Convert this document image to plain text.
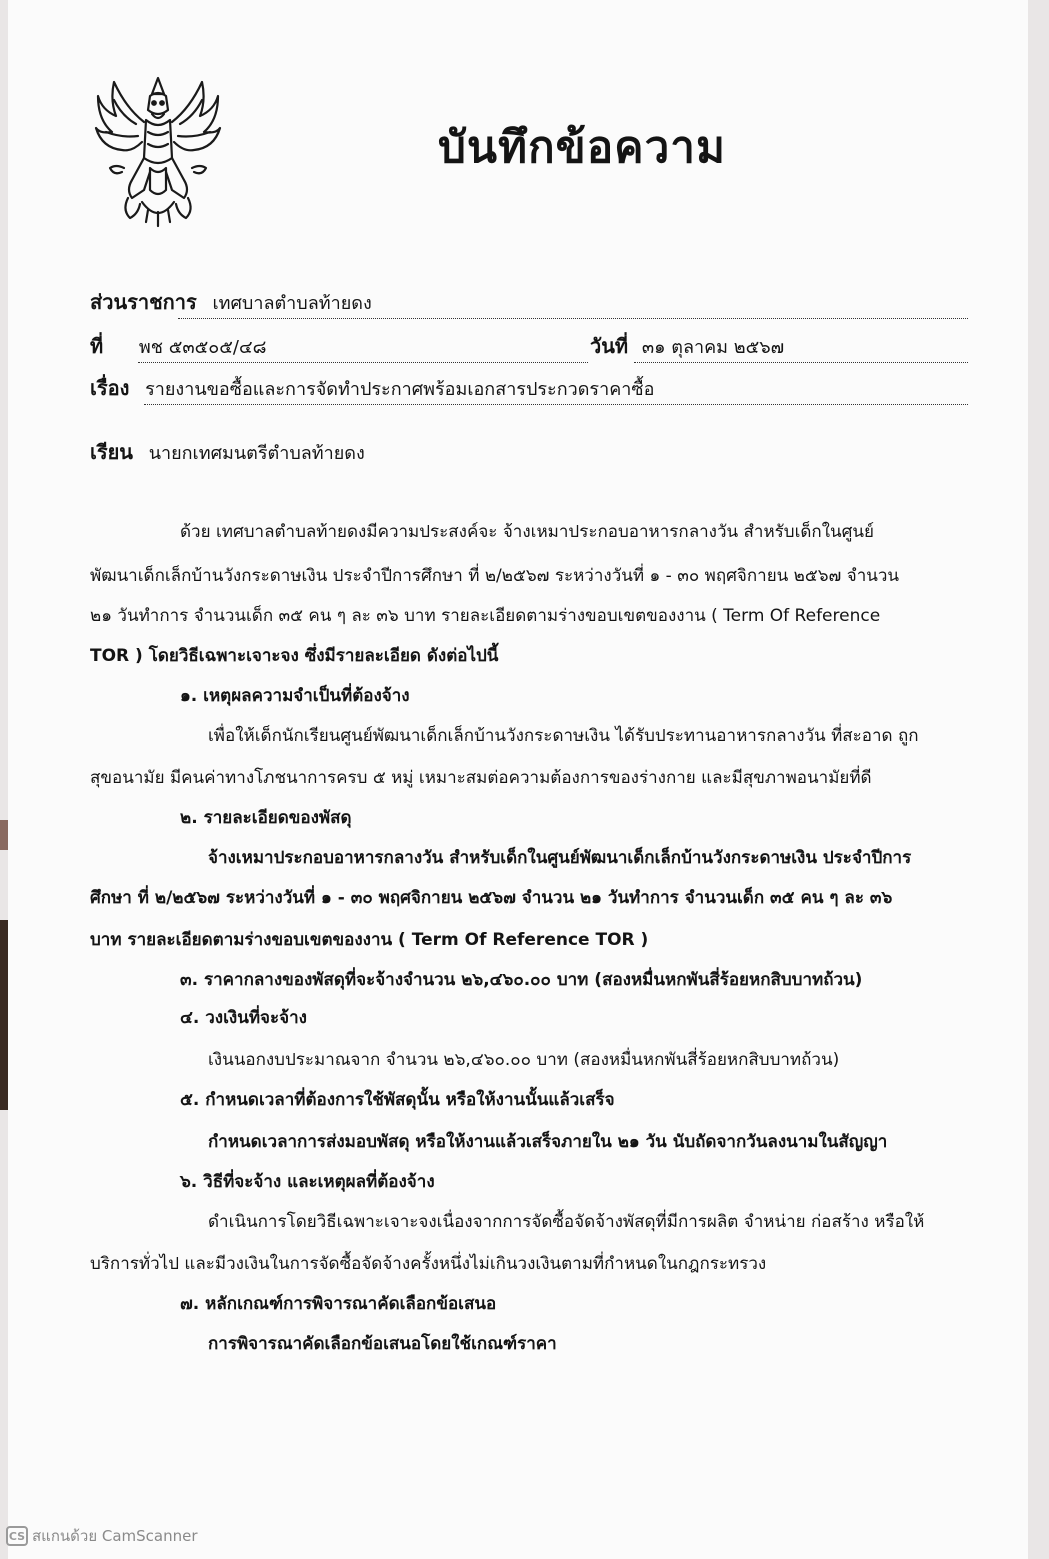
บันทึกข้อความ
ส่วนราชการ เทศบาลตำบลท้ายดง
ที่ พช ๕๓๕๐๕/๔๘	วันที่ ๓๑ ตุลาคม ๒๕๖๗
เรื่อง รายงานขอซื้อและการจัดทำประกาศพร้อมเอกสารประกวดราคาซื้อ
เรียน นายกเทศมนตรีตำบลท้ายดง
ด้วย เทศบาลตำบลท้ายดงมีความประสงค์จะ จ้างเหมาประกอบอาหารกลางวัน สำหรับเด็กในศูนย์
พัฒนาเด็กเล็กบ้านวังกระดาษเงิน ประจำปีการศึกษา ที่ ๒/๒๕๖๗ ระหว่างวันที่ ๑ - ๓๐ พฤศจิกายน ๒๕๖๗ จำนวน
๒๑ วันทำการ จำนวนเด็ก ๓๕ คน ๆ ละ ๓๖ บาท รายละเอียดตามร่างขอบเขตของงาน ( Term Of Reference
TOR ) โดยวิธีเฉพาะเจาะจง ซึ่งมีรายละเอียด ดังต่อไปนี้
๑. เหตุผลความจำเป็นที่ต้องจ้าง
เพื่อให้เด็กนักเรียนศูนย์พัฒนาเด็กเล็กบ้านวังกระดาษเงิน ได้รับประทานอาหารกลางวัน ที่สะอาด ถูก
สุขอนามัย มีคนค่าทางโภชนาการครบ ๕ หมู่ เหมาะสมต่อความต้องการของร่างกาย และมีสุขภาพอนามัยที่ดี
๒. รายละเอียดของพัสดุ
จ้างเหมาประกอบอาหารกลางวัน สำหรับเด็กในศูนย์พัฒนาเด็กเล็กบ้านวังกระดาษเงิน ประจำปีการ
ศึกษา ที่ ๒/๒๕๖๗ ระหว่างวันที่ ๑ - ๓๐ พฤศจิกายน ๒๕๖๗ จำนวน ๒๑ วันทำการ จำนวนเด็ก ๓๕ คน ๆ ละ ๓๖
บาท รายละเอียดตามร่างขอบเขตของงาน ( Term Of Reference TOR )
๓. ราคากลางของพัสดุที่จะจ้างจำนวน ๒๖,๔๖๐.๐๐ บาท (สองหมื่นหกพันสี่ร้อยหกสิบบาทถ้วน)
๔. วงเงินที่จะจ้าง
เงินนอกงบประมาณจาก จำนวน ๒๖,๔๖๐.๐๐ บาท (สองหมื่นหกพันสี่ร้อยหกสิบบาทถ้วน)
๕. กำหนดเวลาที่ต้องการใช้พัสดุนั้น หรือให้งานนั้นแล้วเสร็จ
กำหนดเวลาการส่งมอบพัสดุ หรือให้งานแล้วเสร็จภายใน ๒๑ วัน นับถัดจากวันลงนามในสัญญา
๖. วิธีที่จะจ้าง และเหตุผลที่ต้องจ้าง
ดำเนินการโดยวิธีเฉพาะเจาะจงเนื่องจากการจัดซื้อจัดจ้างพัสดุที่มีการผลิต จำหน่าย ก่อสร้าง หรือให้
บริการทั่วไป และมีวงเงินในการจัดซื้อจัดจ้างครั้งหนึ่งไม่เกินวงเงินตามที่กำหนดในกฎกระทรวง
๗. หลักเกณฑ์การพิจารณาคัดเลือกข้อเสนอ
การพิจารณาคัดเลือกข้อเสนอโดยใช้เกณฑ์ราคา
CS สแกนด้วย CamScanner
